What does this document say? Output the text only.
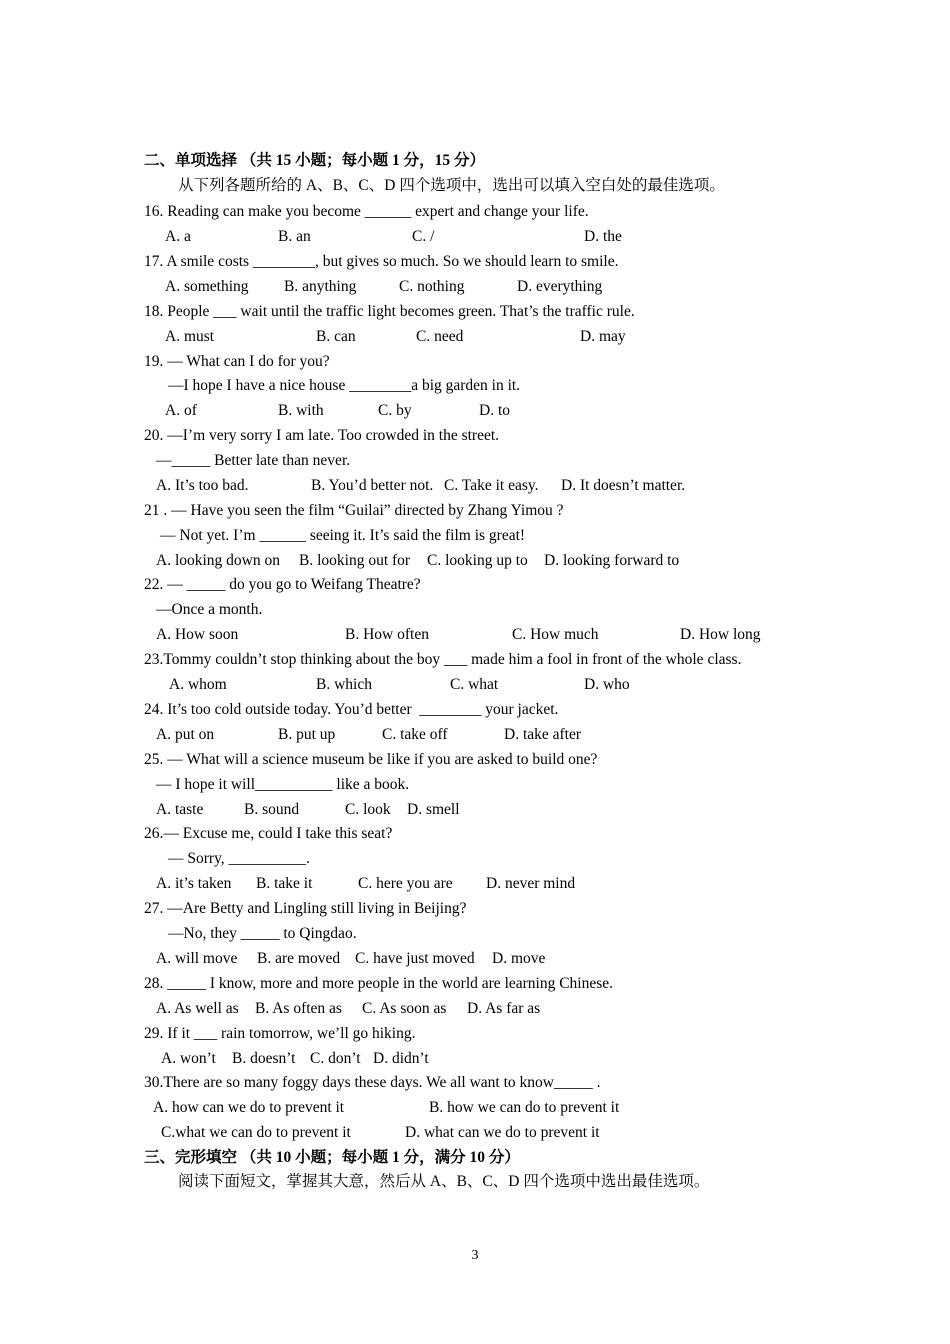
二、单项选择 （共 15 小题；每小题 1 分，15 分）
从下列各题所给的 A、B、C、D 四个选项中，选出可以填入空白处的最佳选项。
16. Reading can make you become ______ expert and change your life.
A. a	B. an	C. /	D. the
17. A smile costs ________, but gives so much. So we should learn to smile.
A. something B. anything	C. nothing	D. everything
18. People ___ wait until the traffic light becomes green. That’s the traffic rule.
A. must	B. can	C. need	D. may
19. — What can I do for you?
—I hope I have a nice house ________a big garden in it.
A. of	B. with	C. by	D. to
20. —I’m very sorry I am late. Too crowded in the street.
—_____ Better late than never.
A. It’s too bad.	B. You’d better not. C. Take it easy. D. It doesn’t matter.
21 . — Have you seen the film “Guilai” directed by Zhang Yimou ?
— Not yet. I’m ______ seeing it. It’s said the film is great!
A. looking down on B. looking out for C. looking up to D. looking forward to
22. — _____ do you go to Weifang Theatre?
—Once a month.
A. How soon	B. How often	C. How much	D. How long
23.Tommy couldn’t stop thinking about the boy ___ made him a fool in front of the whole class.
A. whom	B. which	C. what	D. who
24. It’s too cold outside today. You’d better  ________ your jacket.
A. put on	B. put up	C. take off	D. take after
25. — What will a science museum be like if you are asked to build one?
— I hope it will__________ like a book.
A. taste	B. sound	C. look D. smell
26.— Excuse me, could I take this seat?
— Sorry, __________.
A. it’s taken B. take it	C. here you are D. never mind
27. —Are Betty and Lingling still living in Beijing?
—No, they _____ to Qingdao.
A. will move B. are moved C. have just moved D. move
28. _____ I know, more and more people in the world are learning Chinese.
A. As well as B. As often as C. As soon as D. As far as
29. If it ___ rain tomorrow, we’ll go hiking.
A. won’t B. doesn’t C. don’t D. didn’t
30.There are so many foggy days these days. We all want to know_____ .
A. how can we do to prevent it	B. how we can do to prevent it
C.what we can do to prevent it	D. what can we do to prevent it
三、完形填空 （共 10 小题；每小题 1 分，满分 10 分）
阅读下面短文，掌握其大意，然后从 A、B、C、D 四个选项中选出最佳选项。
3
